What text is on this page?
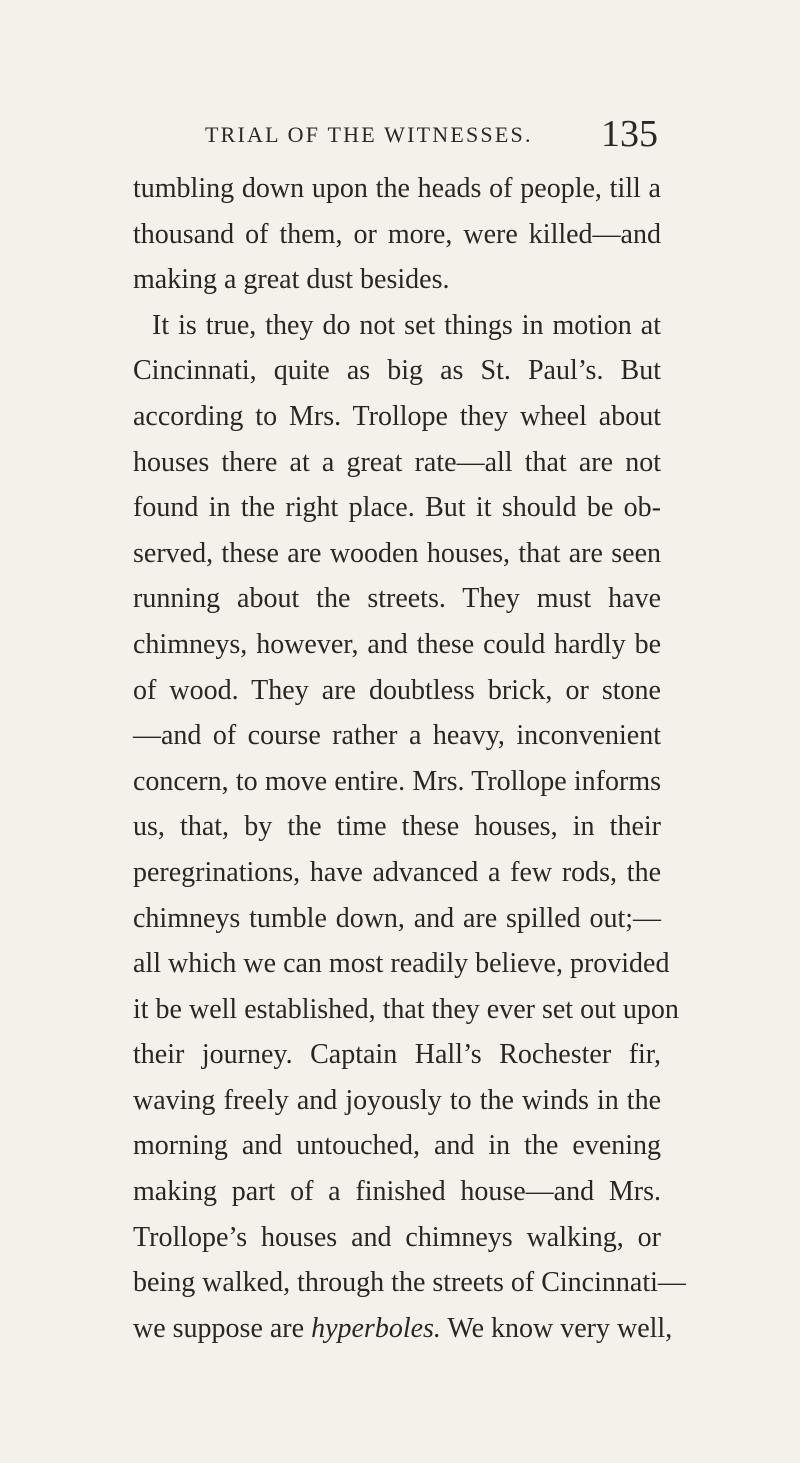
TRIAL OF THE WITNESSES. 135
tumbling down upon the heads of people, till a
thousand of them, or more, were killed—and
making a great dust besides.
It is true, they do not set things in motion at
Cincinnati, quite as big as St. Paul’s. But
according to Mrs. Trollope they wheel about
houses there at a great rate—all that are not
found in the right place. But it should be ob-
served, these are wooden houses, that are seen
running about the streets. They must have
chimneys, however, and these could hardly be
of wood. They are doubtless brick, or stone
—and of course rather a heavy, inconvenient
concern, to move entire. Mrs. Trollope informs
us, that, by the time these houses, in their
peregrinations, have advanced a few rods, the
chimneys tumble down, and are spilled out;—
all which we can most readily believe, provided
it be well established, that they ever set out upon
their journey. Captain Hall’s Rochester fir,
waving freely and joyously to the winds in the
morning and untouched, and in the evening
making part of a finished house—and Mrs.
Trollope’s houses and chimneys walking, or
being walked, through the streets of Cincinnati—
we suppose are hyperboles. We know very well,
